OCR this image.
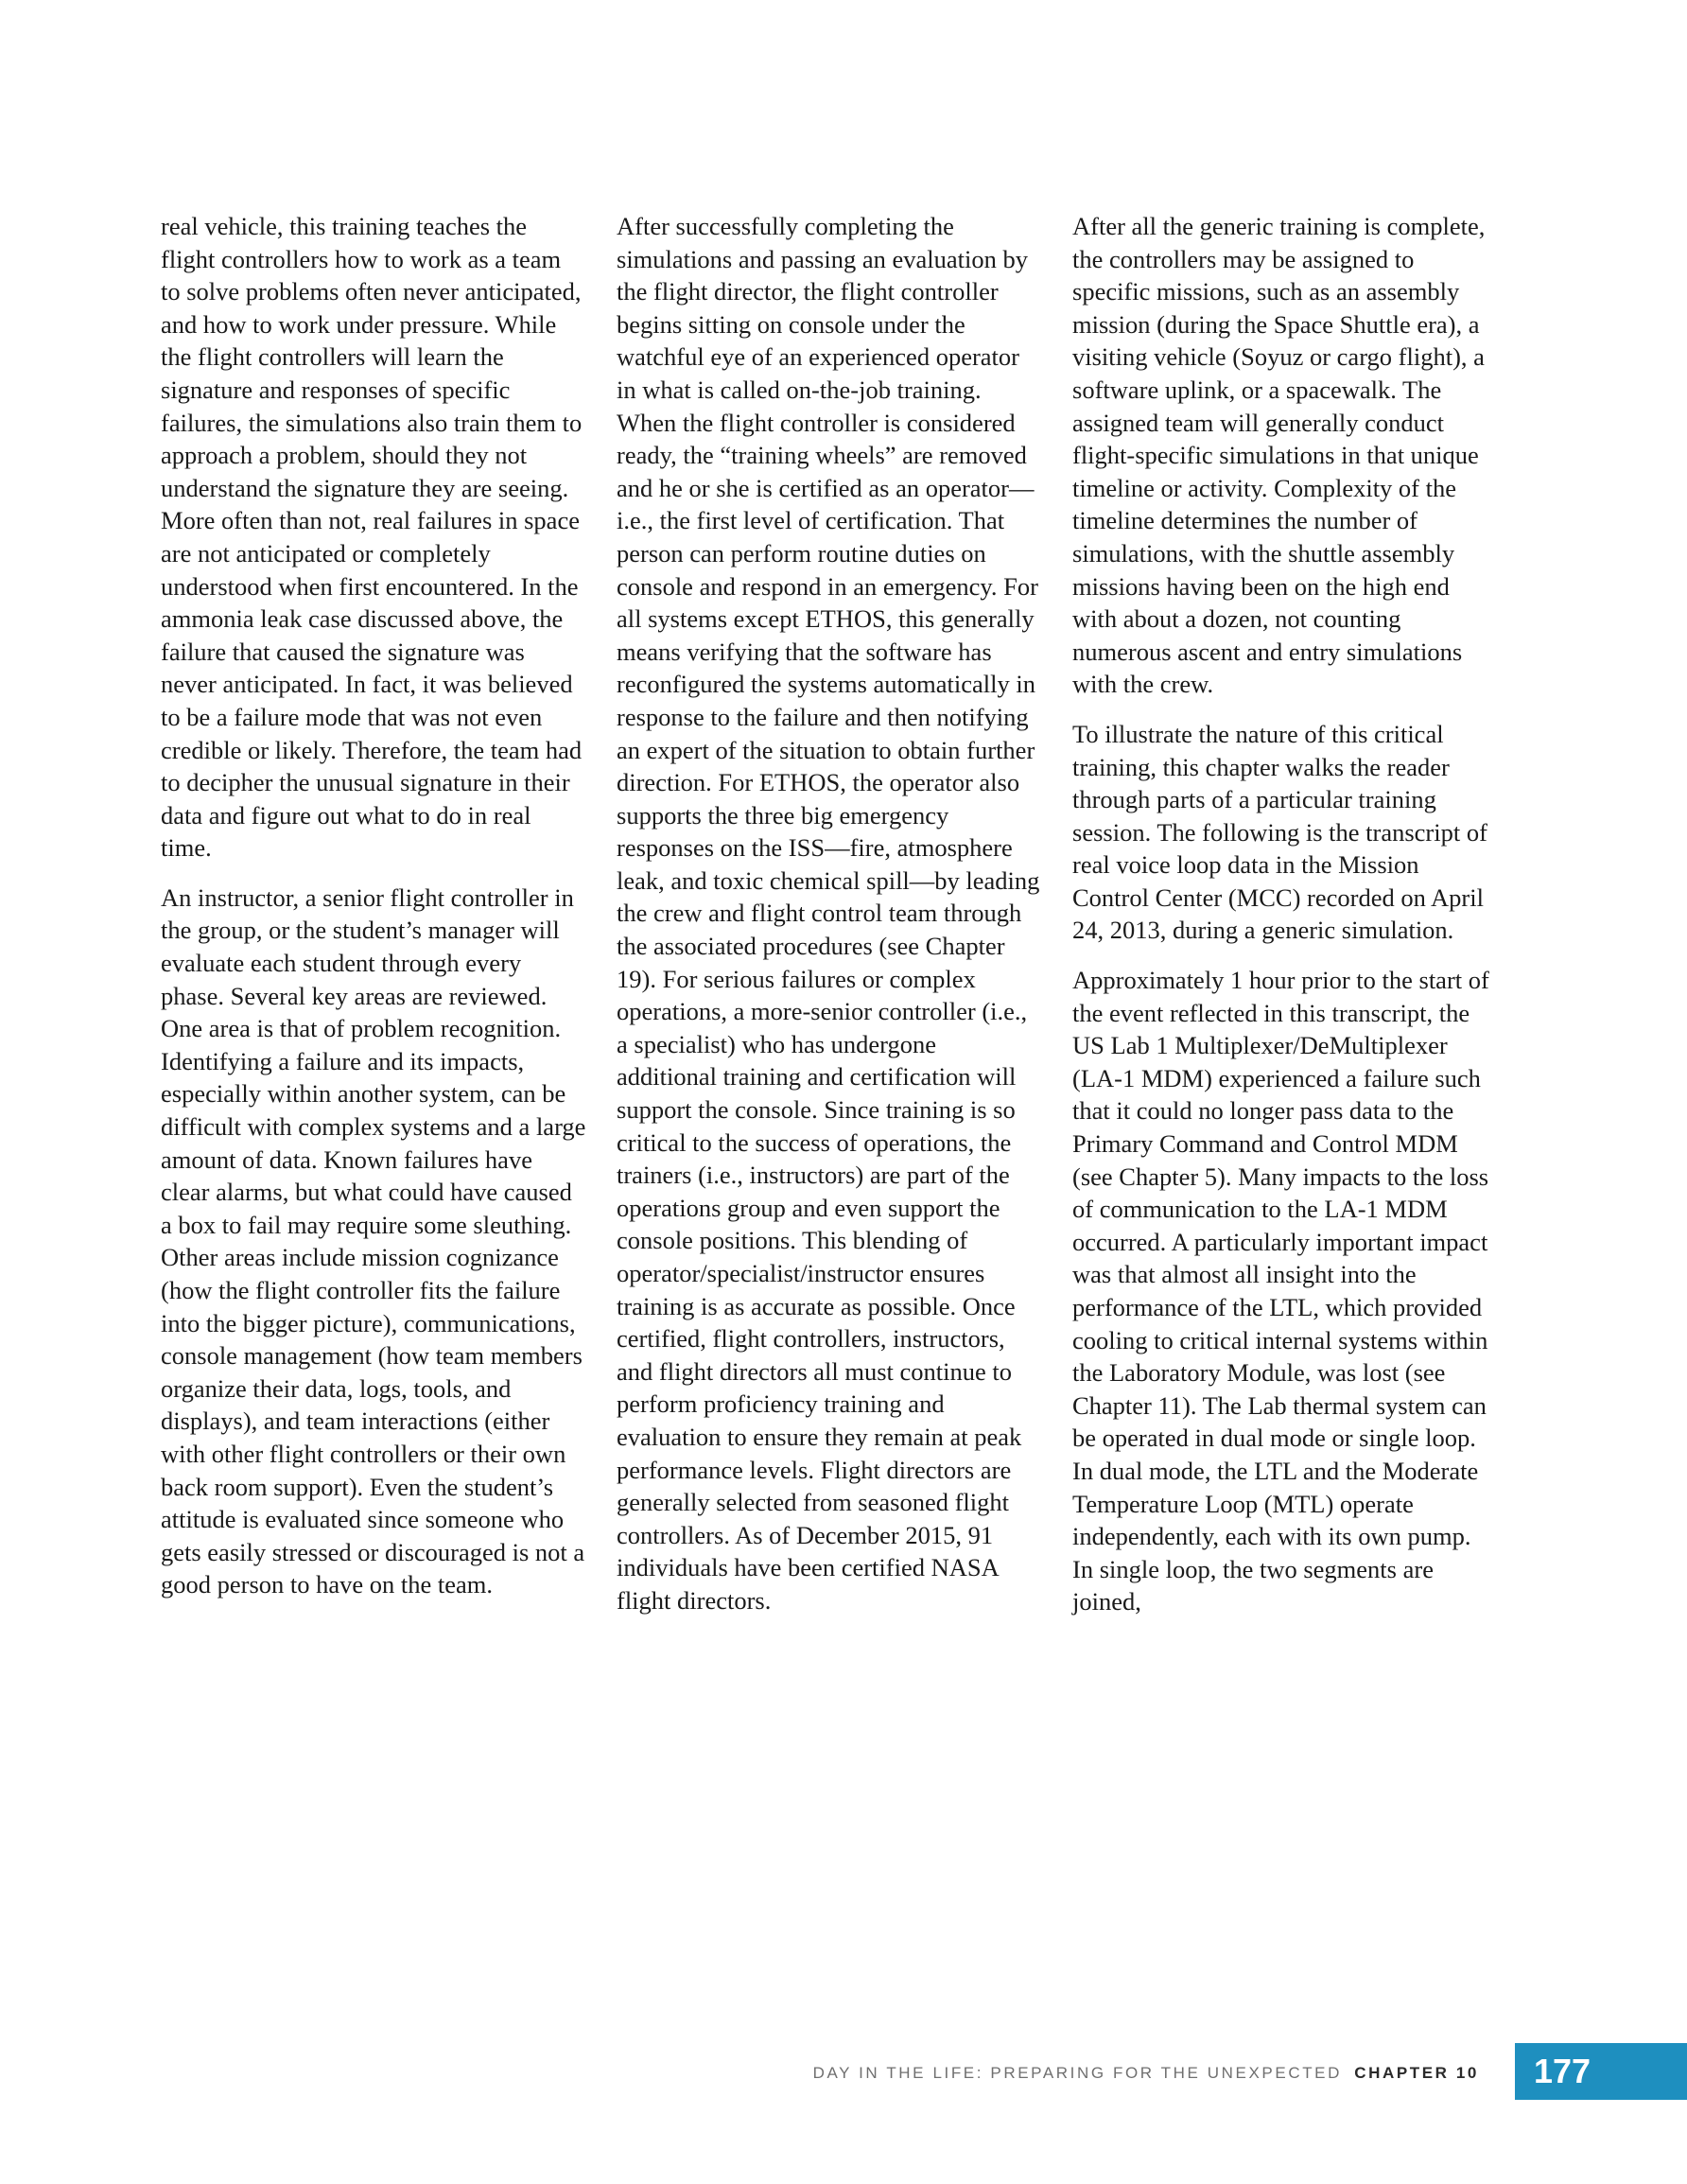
real vehicle, this training teaches the flight controllers how to work as a team to solve problems often never anticipated, and how to work under pressure. While the flight controllers will learn the signature and responses of specific failures, the simulations also train them to approach a problem, should they not understand the signature they are seeing. More often than not, real failures in space are not anticipated or completely understood when first encountered. In the ammonia leak case discussed above, the failure that caused the signature was never anticipated. In fact, it was believed to be a failure mode that was not even credible or likely. Therefore, the team had to decipher the unusual signature in their data and figure out what to do in real time.

An instructor, a senior flight controller in the group, or the student’s manager will evaluate each student through every phase. Several key areas are reviewed. One area is that of problem recognition. Identifying a failure and its impacts, especially within another system, can be difficult with complex systems and a large amount of data. Known failures have clear alarms, but what could have caused a box to fail may require some sleuthing. Other areas include mission cognizance (how the flight controller fits the failure into the bigger picture), communications, console management (how team members organize their data, logs, tools, and displays), and team interactions (either with other flight controllers or their own back room support). Even the student’s attitude is evaluated since someone who gets easily stressed or discouraged is not a good person to have on the team.

After successfully completing the simulations and passing an evaluation by the flight director, the flight controller begins sitting on console under the watchful eye of an experienced operator in what is called on-the-job training. When the flight controller is considered ready, the “training wheels” are removed and he or she is certified as an operator—i.e., the first level of certification. That person can perform routine duties on console and respond in an emergency. For all systems except ETHOS, this generally means verifying that the software has reconfigured the systems automatically in response to the failure and then notifying an expert of the situation to obtain further direction. For ETHOS, the operator also supports the three big emergency responses on the ISS—fire, atmosphere leak, and toxic chemical spill—by leading the crew and flight control team through the associated procedures (see Chapter 19). For serious failures or complex operations, a more-senior controller (i.e., a specialist) who has undergone additional training and certification will support the console. Since training is so critical to the success of operations, the trainers (i.e., instructors) are part of the operations group and even support the console positions. This blending of operator/specialist/instructor ensures training is as accurate as possible. Once certified, flight controllers, instructors, and flight directors all must continue to perform proficiency training and evaluation to ensure they remain at peak performance levels. Flight directors are generally selected from seasoned flight controllers. As of December 2015, 91 individuals have been certified NASA flight directors.

After all the generic training is complete, the controllers may be assigned to specific missions, such as an assembly mission (during the Space Shuttle era), a visiting vehicle (Soyuz or cargo flight), a software uplink, or a spacewalk. The assigned team will generally conduct flight-specific simulations in that unique timeline or activity. Complexity of the timeline determines the number of simulations, with the shuttle assembly missions having been on the high end with about a dozen, not counting numerous ascent and entry simulations with the crew.

To illustrate the nature of this critical training, this chapter walks the reader through parts of a particular training session. The following is the transcript of real voice loop data in the Mission Control Center (MCC) recorded on April 24, 2013, during a generic simulation.

Approximately 1 hour prior to the start of the event reflected in this transcript, the US Lab 1 Multiplexer/DeMultiplexer (LA-1 MDM) experienced a failure such that it could no longer pass data to the Primary Command and Control MDM (see Chapter 5). Many impacts to the loss of communication to the LA-1 MDM occurred. A particularly important impact was that almost all insight into the performance of the LTL, which provided cooling to critical internal systems within the Laboratory Module, was lost (see Chapter 11). The Lab thermal system can be operated in dual mode or single loop. In dual mode, the LTL and the Moderate Temperature Loop (MTL) operate independently, each with its own pump. In single loop, the two segments are joined,

DAY IN THE LIFE: PREPARING FOR THE UNEXPECTED CHAPTER 10	177
